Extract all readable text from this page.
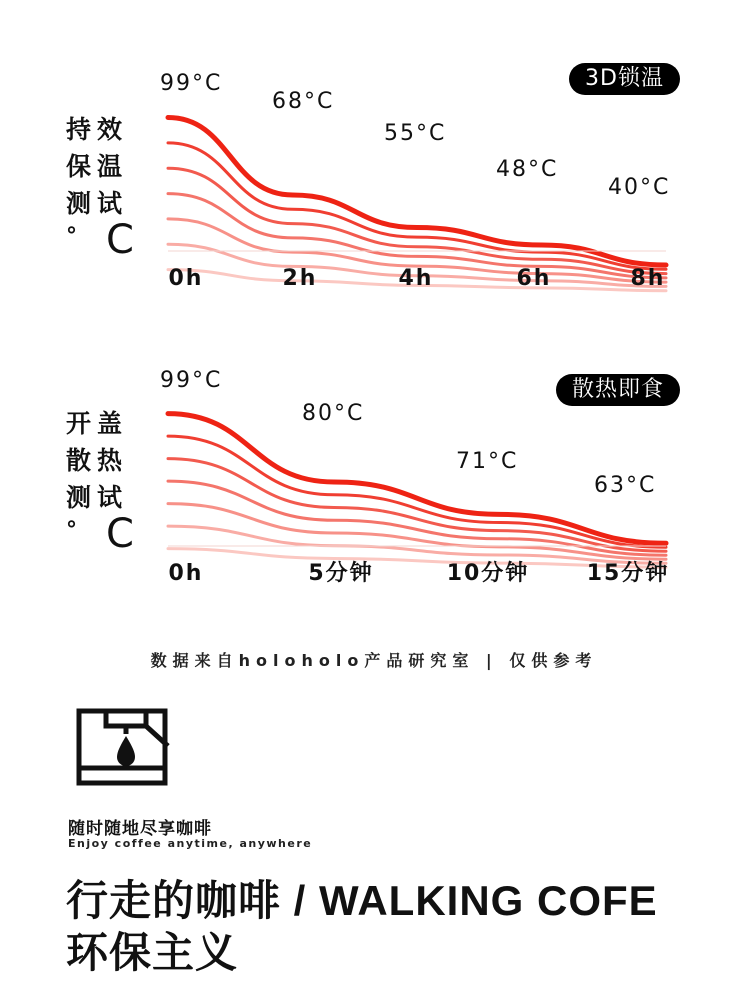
99°C
68°C
55°C
48°C
40°C
0h	2h	4h	6h	8h
持效
保温
测试
° C
3D锁温
99°C
80°C
71°C
63°C
0h	5分钟	10分钟	15分钟
开盖
散热
测试
° C
散热即食
数据来自holoholo产品研究室 | 仅供参考
随时随地尽享咖啡
Enjoy coffee anytime, anywhere
行走的咖啡 / WALKING COFE
环保主义
